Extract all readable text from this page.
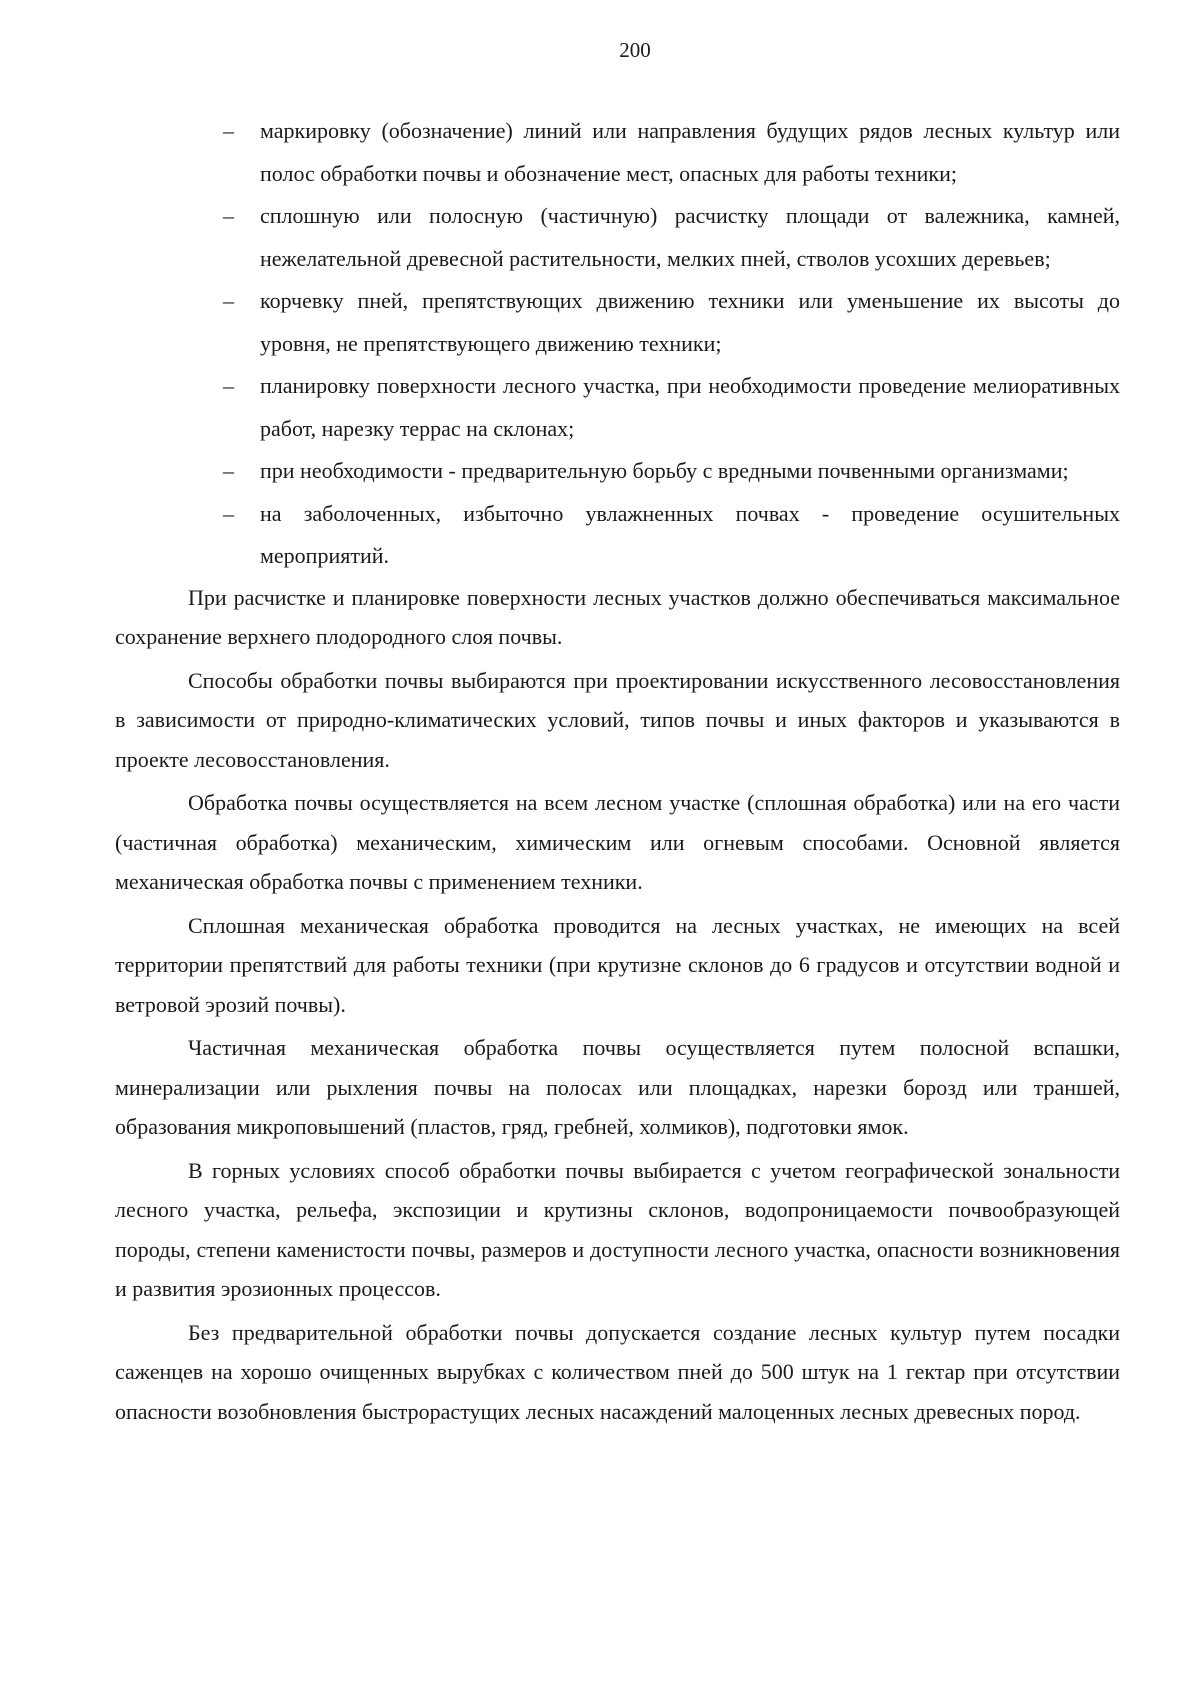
200
– маркировку (обозначение) линий или направления будущих рядов лесных культур или полос обработки почвы и обозначение мест, опасных для работы техники;
– сплошную или полосную (частичную) расчистку площади от валежника, камней, нежелательной древесной растительности, мелких пней, стволов усохших деревьев;
– корчевку пней, препятствующих движению техники или уменьшение их высоты до уровня, не препятствующего движению техники;
– планировку поверхности лесного участка, при необходимости проведение мелиоративных работ, нарезку террас на склонах;
– при необходимости - предварительную борьбу с вредными почвенными организмами;
– на заболоченных, избыточно увлажненных почвах - проведение осушительных мероприятий.

При расчистке и планировке поверхности лесных участков должно обеспечиваться максимальное сохранение верхнего плодородного слоя почвы.

Способы обработки почвы выбираются при проектировании искусственного лесовосстановления в зависимости от природно-климатических условий, типов почвы и иных факторов и указываются в проекте лесовосстановления.

Обработка почвы осуществляется на всем лесном участке (сплошная обработка) или на его части (частичная обработка) механическим, химическим или огневым способами. Основной является механическая обработка почвы с применением техники.

Сплошная механическая обработка проводится на лесных участках, не имеющих на всей территории препятствий для работы техники (при крутизне склонов до 6 градусов и отсутствии водной и ветровой эрозий почвы).

Частичная механическая обработка почвы осуществляется путем полосной вспашки, минерализации или рыхления почвы на полосах или площадках, нарезки борозд или траншей, образования микроповышений (пластов, гряд, гребней, холмиков), подготовки ямок.

В горных условиях способ обработки почвы выбирается с учетом географической зональности лесного участка, рельефа, экспозиции и крутизны склонов, водопроницаемости почвообразующей породы, степени каменистости почвы, размеров и доступности лесного участка, опасности возникновения и развития эрозионных процессов.

Без предварительной обработки почвы допускается создание лесных культур путем посадки саженцев на хорошо очищенных вырубках с количеством пней до 500 штук на 1 гектар при отсутствии опасности возобновления быстрорастущих лесных насаждений малоценных лесных древесных пород.
